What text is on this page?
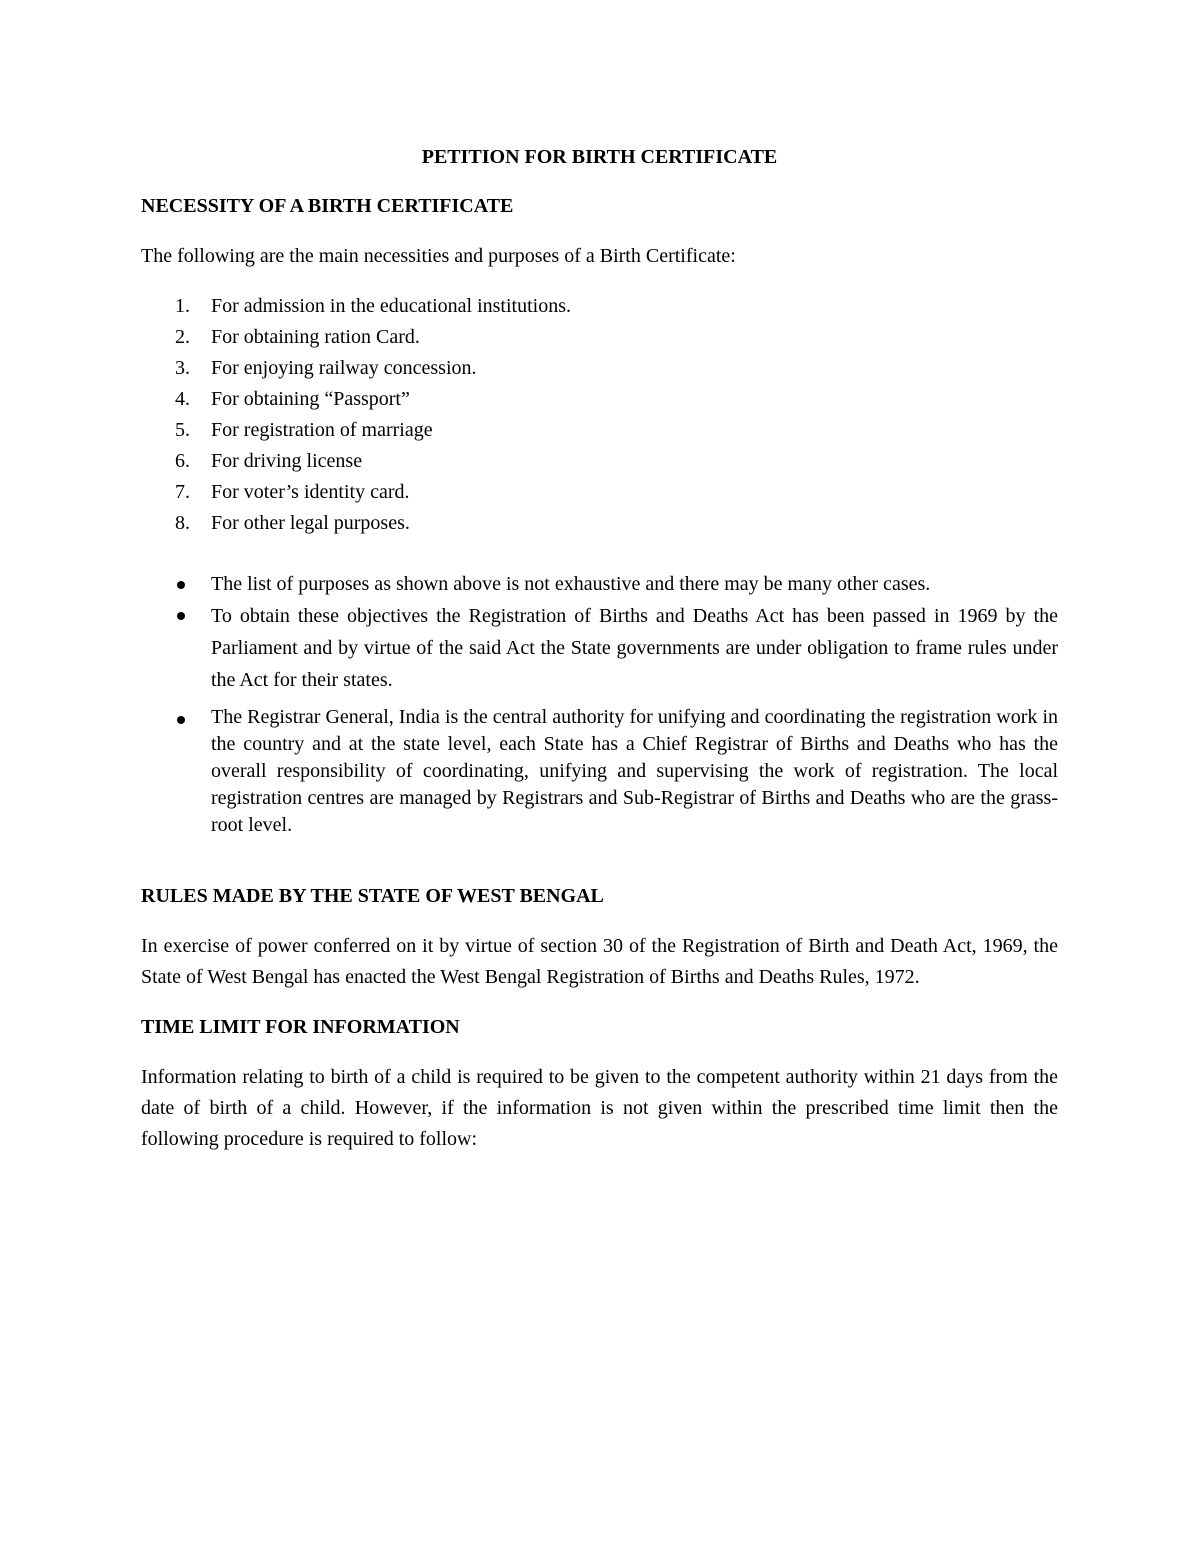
PETITION FOR BIRTH CERTIFICATE
NECESSITY OF A BIRTH CERTIFICATE
The following are the main necessities and purposes of a Birth Certificate:
1. For admission in the educational institutions.
2. For obtaining ration Card.
3. For enjoying railway concession.
4. For obtaining “Passport”
5. For registration of marriage
6. For driving license
7. For voter’s identity card.
8. For other legal purposes.
The list of purposes as shown above is not exhaustive and there may be many other cases.
To obtain these objectives the Registration of Births and Deaths Act has been passed in 1969 by the Parliament and by virtue of the said Act the State governments are under obligation to frame rules under the Act for their states.
The Registrar General, India is the central authority for unifying and coordinating the registration work in the country and at the state level, each State has a Chief Registrar of Births and Deaths who has the overall responsibility of coordinating, unifying and supervising the work of registration. The local registration centres are managed by Registrars and Sub-Registrar of Births and Deaths who are the grass-root level.
RULES MADE BY THE STATE OF WEST BENGAL
In exercise of power conferred on it by virtue of section 30 of the Registration of Birth and Death Act, 1969, the State of West Bengal has enacted the West Bengal Registration of Births and Deaths Rules, 1972.
TIME LIMIT FOR INFORMATION
Information relating to birth of a child is required to be given to the competent authority within 21 days from the date of birth of a child. However, if the information is not given within the prescribed time limit then the following procedure is required to follow:
